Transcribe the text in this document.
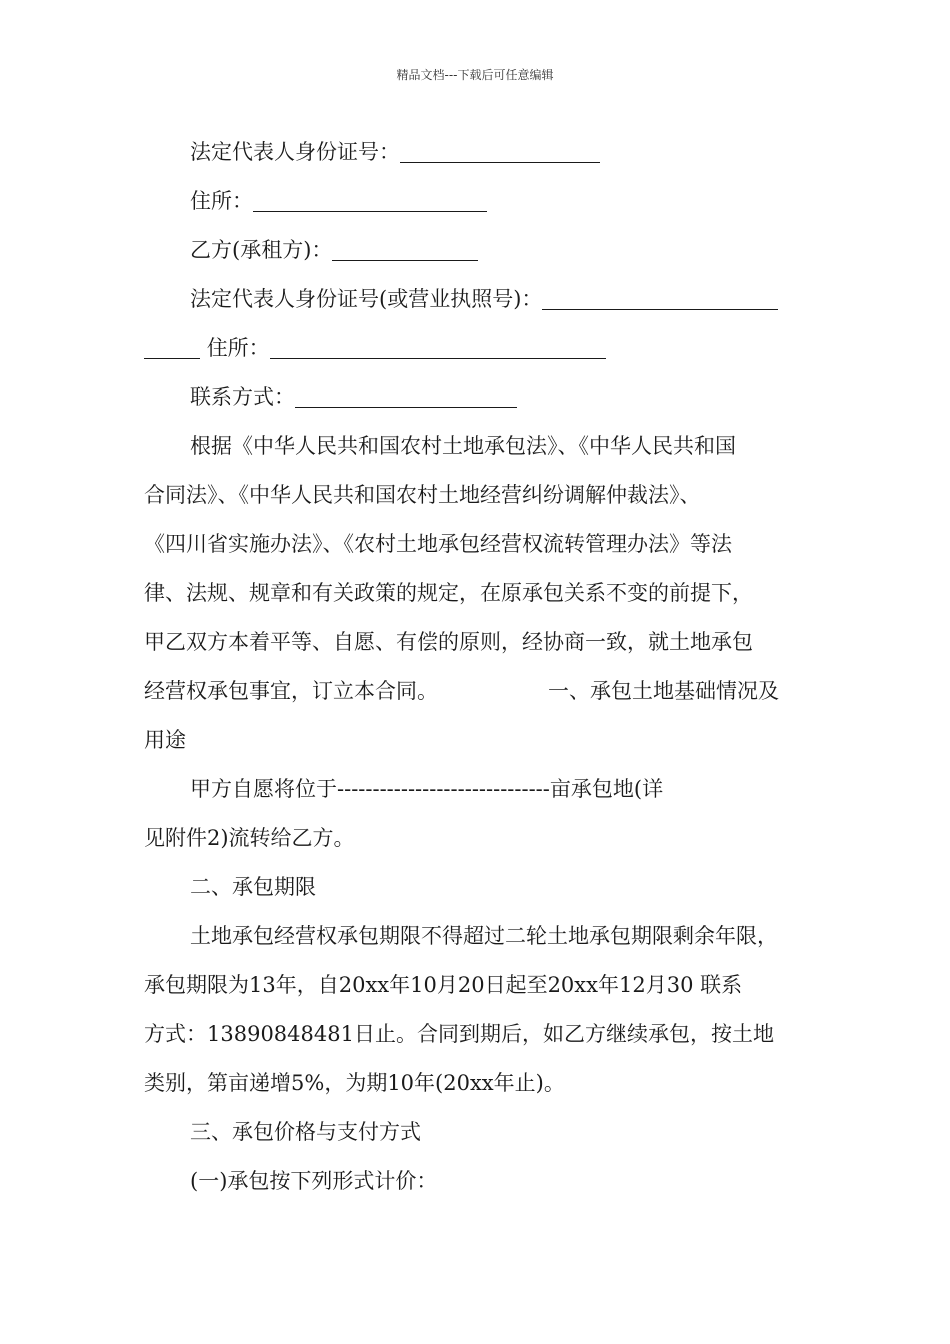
精品文档---下载后可任意编辑
法定代表人身份证号：
住所：
乙方(承租方)：
法定代表人身份证号(或营业执照号)：
住所：
联系方式：
根据《中华人民共和国农村土地承包法》、《中华人民共和国
合同法》、《中华人民共和国农村土地经营纠纷调解仲裁法》、
《四川省实施办法》、《农村土地承包经营权流转管理办法》等法
律、法规、规章和有关政策的规定，在原承包关系不变的前提下，
甲乙双方本着平等、自愿、有偿的原则，经协商一致，就土地承包
经营权承包事宜，订立本合同。	一、承包土地基础情况及
用途
甲方自愿将位于------------------------------亩承包地(详
见附件2)流转给乙方。
二、承包期限
土地承包经营权承包期限不得超过二轮土地承包期限剩余年限，
承包期限为13年，自20xx年10月20日起至20xx年12月30 联系
方式：13890848481日止。合同到期后，如乙方继续承包，按土地
类别，第亩递增5%，为期10年(20xx年止)。
三、承包价格与支付方式
(一)承包按下列形式计价：
